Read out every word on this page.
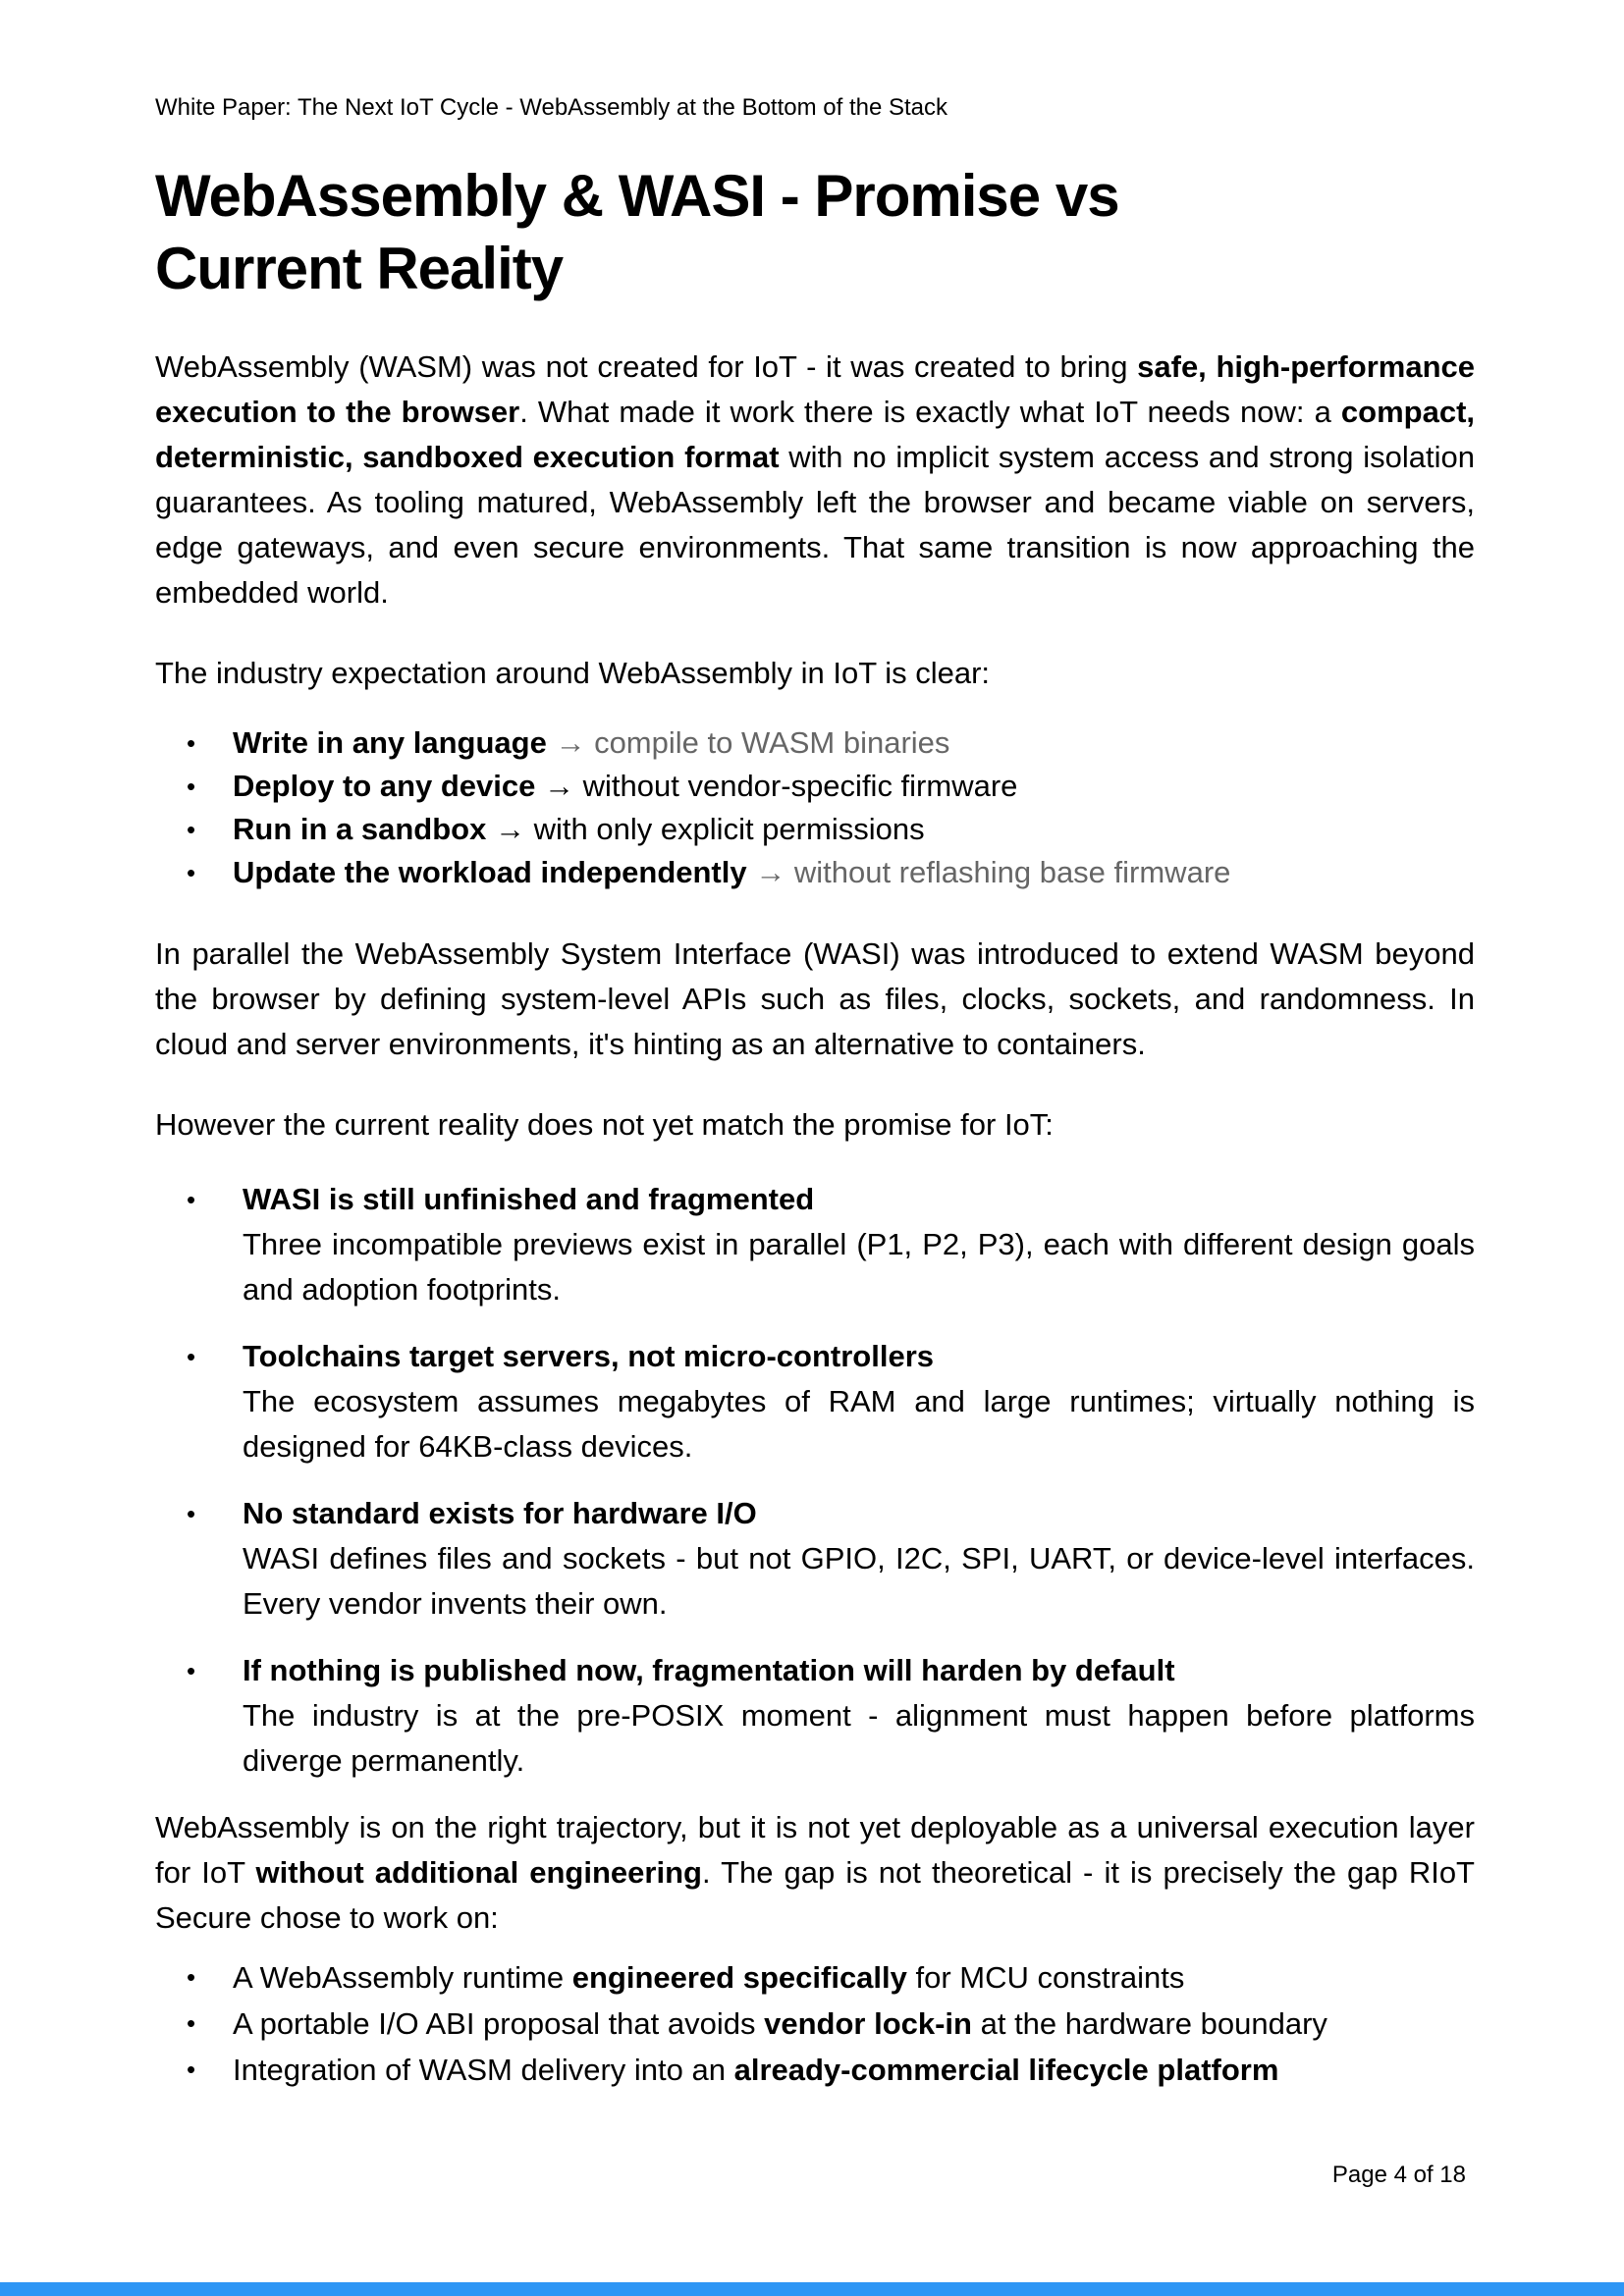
White Paper: The Next IoT Cycle - WebAssembly at the Bottom of the Stack
WebAssembly & WASI - Promise vs
Current Reality
WebAssembly (WASM) was not created for IoT - it was created to bring safe, high-performance execution to the browser. What made it work there is exactly what IoT needs now: a compact, deterministic, sandboxed execution format with no implicit system access and strong isolation guarantees. As tooling matured, WebAssembly left the browser and became viable on servers, edge gateways, and even secure environments. That same transition is now approaching the embedded world.
The industry expectation around WebAssembly in IoT is clear:
• Write in any language → compile to WASM binaries
• Deploy to any device → without vendor-specific firmware
• Run in a sandbox → with only explicit permissions
• Update the workload independently → without reflashing base firmware
In parallel the WebAssembly System Interface (WASI) was introduced to extend WASM beyond the browser by defining system-level APIs such as files, clocks, sockets, and randomness. In cloud and server environments, it's hinting as an alternative to containers.
However the current reality does not yet match the promise for IoT:
• WASI is still unfinished and fragmented
Three incompatible previews exist in parallel (P1, P2, P3), each with different design goals and adoption footprints.
• Toolchains target servers, not micro-controllers
The ecosystem assumes megabytes of RAM and large runtimes; virtually nothing is designed for 64KB-class devices.
• No standard exists for hardware I/O
WASI defines files and sockets - but not GPIO, I2C, SPI, UART, or device-level interfaces. Every vendor invents their own.
• If nothing is published now, fragmentation will harden by default
The industry is at the pre-POSIX moment - alignment must happen before platforms diverge permanently.
WebAssembly is on the right trajectory, but it is not yet deployable as a universal execution layer for IoT without additional engineering. The gap is not theoretical - it is precisely the gap RIoT Secure chose to work on:
• A WebAssembly runtime engineered specifically for MCU constraints
• A portable I/O ABI proposal that avoids vendor lock-in at the hardware boundary
• Integration of WASM delivery into an already-commercial lifecycle platform
Page 4 of 18
